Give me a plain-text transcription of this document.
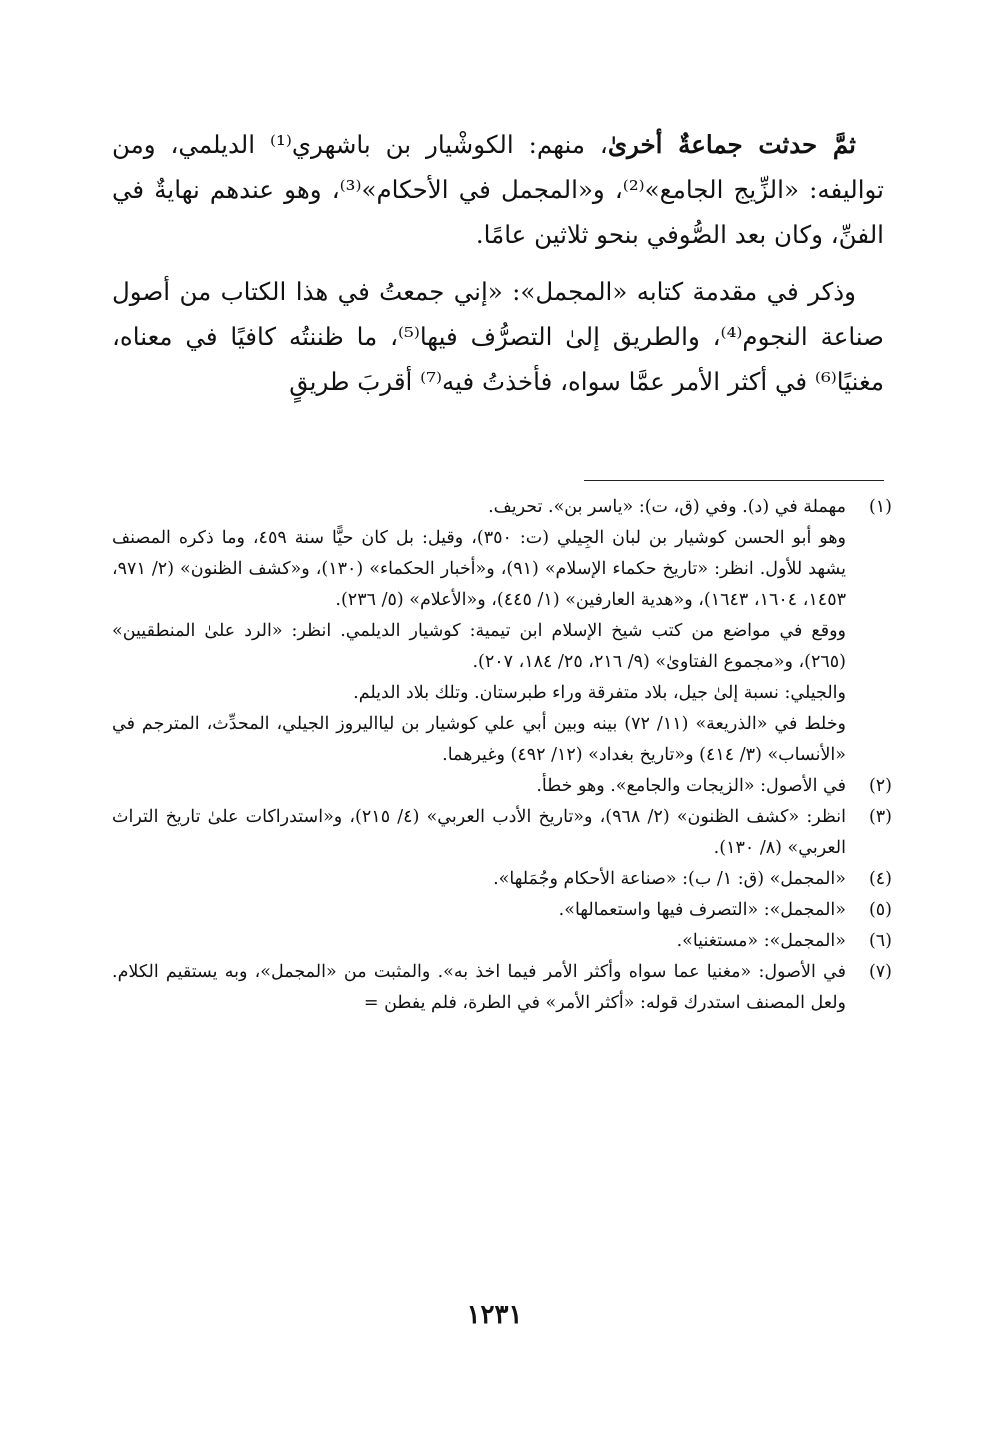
ثمَّ حدثت جماعةٌ أخرىٰ، منهم: الكوشْيار بن باشهري⁽¹⁾ الديلمي، ومن تواليفه: «الزِّيج الجامع»⁽²⁾، و«المجمل في الأحكام»⁽³⁾، وهو عندهم نهايةٌ في الفنِّ، وكان بعد الصُّوفي بنحو ثلاثين عامًا.

وذكر في مقدمة كتابه «المجمل»: «إني جمعتُ في هذا الكتاب من أصول صناعة النجوم⁽⁴⁾، والطريق إلىٰ التصرُّف فيها⁽⁵⁾، ما ظننتُه كافيًا في معناه، مغنيًا⁽⁶⁾ في أكثر الأمر عمَّا سواه، فأخذتُ فيه⁽⁷⁾ أقربَ طريقٍ

(١)
مهملة في (د). وفي (ق، ت): «ياسر بن». تحريف.
وهو أبو الحسن كوشيار بن لبان الجِيلي (ت: ٣٥٠)، وقيل: بل كان حيًّا سنة ٤٥٩، وما ذكره المصنف يشهد للأول. انظر: «تاريخ حكماء الإسلام» (٩١)، و«أخبار الحكماء» (١٣٠)، و«كشف الظنون» (٢/ ٩٧١، ١٤٥٣، ١٦٠٤، ١٦٤٣)، و«هدية العارفين» (١/ ٤٤٥)، و«الأعلام» (٥/ ٢٣٦).
ووقع في مواضع من كتب شيخ الإسلام ابن تيمية: كوشيار الديلمي. انظر: «الرد علىٰ المنطقيين» (٢٦٥)، و«مجموع الفتاوىٰ» (٩/ ٢١٦، ٢٥/ ١٨٤، ٢٠٧).
والجيلي: نسبة إلىٰ جيل، بلاد متفرقة وراء طبرستان. وتلك بلاد الديلم.
وخلط في «الذريعة» (١١/ ٧٢) بينه وبين أبي علي كوشيار بن ليااليروز الجيلي، المحدِّث، المترجم في «الأنساب» (٣/ ٤١٤) و«تاريخ بغداد» (١٢/ ٤٩٢) وغيرهما.
(٢)
في الأصول: «الزيجات والجامع». وهو خطأ.
(٣)
انظر: «كشف الظنون» (٢/ ٩٦٨)، و«تاريخ الأدب العربي» (٤/ ٢١٥)، و«استدراكات علىٰ تاريخ التراث العربي» (٨/ ١٣٠).
(٤)
«المجمل» (ق: ١/ ب): «صناعة الأحكام وجُمَلها».
(٥)
«المجمل»: «التصرف فيها واستعمالها».
(٦)
«المجمل»: «مستغنيا».
(٧)
في الأصول: «مغنيا عما سواه وأكثر الأمر فيما اخذ به». والمثبت من «المجمل»، وبه يستقيم الكلام. ولعل المصنف استدرك قوله: «أكثر الأمر» في الطرة، فلم يفطن =
١٢٣١
